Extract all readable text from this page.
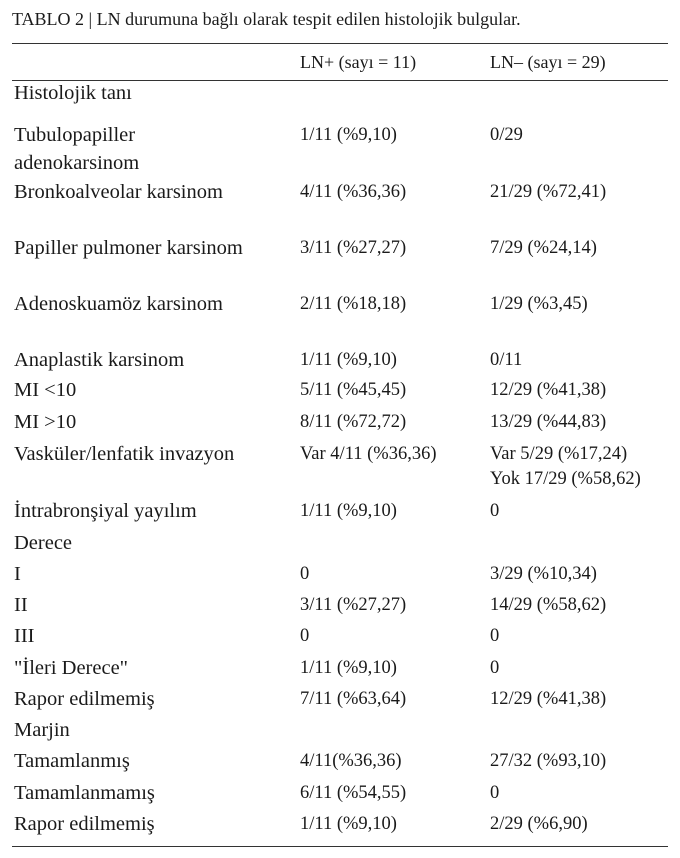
TABLO 2 | LN durumuna bağlı olarak tespit edilen histolojik bulgular.
LN+ (sayı = 11)	LN– (sayı = 29)
Histolojik tanı
Tubulopapiller
adenokarsinom
1/11 (%9,10)	0/29
Bronkoalveolar karsinom	4/11 (%36,36)	21/29 (%72,41)
Papiller pulmoner karsinom	3/11 (%27,27)	7/29 (%24,14)
Adenoskuamöz karsinom	2/11 (%18,18)	1/29 (%3,45)
Anaplastik karsinom	1/11 (%9,10)	0/11
MI <10	5/11 (%45,45)	12/29 (%41,38)
MI >10	8/11 (%72,72)	13/29 (%44,83)
Vasküler/lenfatik invazyon	Var 4/11 (%36,36)	Var 5/29 (%17,24)
Yok 17/29 (%58,62)
İntrabronşiyal yayılım	1/11 (%9,10)	0
Derece
I	0	3/29 (%10,34)
II	3/11 (%27,27)	14/29 (%58,62)
III	0	0
"İleri Derece"	1/11 (%9,10)	0
Rapor edilmemiş	7/11 (%63,64)	12/29 (%41,38)
Marjin
Tamamlanmış	4/11(%36,36)	27/32 (%93,10)
Tamamlanmamış	6/11 (%54,55)	0
Rapor edilmemiş	1/11 (%9,10)	2/29 (%6,90)
